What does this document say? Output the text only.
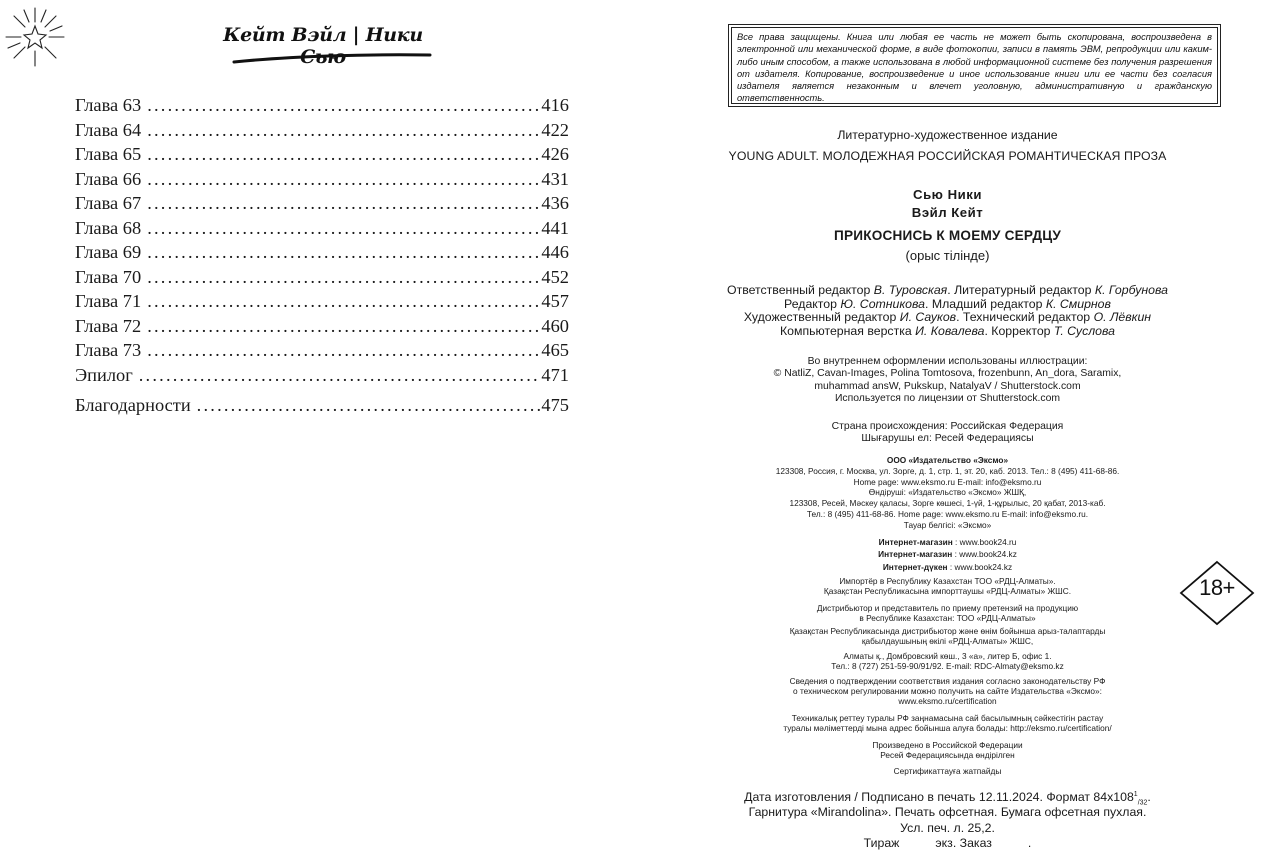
Кейт Вэйл | Ники Сью
Глава 63 .....	416
Глава 64 .....	422
Глава 65 .....	426
Глава 66 .....	431
Глава 67 .....	436
Глава 68 .....	441
Глава 69 .....	446
Глава 70 .....	452
Глава 71 .....	457
Глава 72 .....	460
Глава 73 .....	465
Эпилог .....	471
Благодарности .....	475
Все права защищены. Книга или любая ее часть не может быть скопирована, воспроизведена в электронной или механической форме, в виде фотокопии, записи в память ЭВМ, репродукции или каким-либо иным способом, а также использована в любой информационной системе без получения разрешения от издателя. Копирование, воспроизведение и иное использование книги или ее части без согласия издателя является незаконным и влечет уголовную, административную и гражданскую ответственность.
Литературно-художественное издание
YOUNG ADULT. МОЛОДЕЖНАЯ РОССИЙСКАЯ РОМАНТИЧЕСКАЯ ПРОЗА
Сью Ники
Вэйл Кейт
ПРИКОСНИСЬ К МОЕМУ СЕРДЦУ
(орыс тілінде)
Ответственный редактор В. Туровская. Литературный редактор К. Горбунова
Редактор Ю. Сотникова. Младший редактор К. Смирнов
Художественный редактор И. Сауков. Технический редактор О. Лёвкин
Компьютерная верстка И. Ковалева. Корректор Т. Суслова
Во внутреннем оформлении использованы иллюстрации:
© NatliZ, Cavan-Images, Polina Tomtosova, frozenbunn, An_dora, Saramix,
muhammad ansW, Pukskup, NatalyaV / Shutterstock.com
Используется по лицензии от Shutterstock.com
Страна происхождения: Российская Федерация
Шығарушы ел: Ресей Федерациясы
ООО «Издательство «Эксмо»
123308, Россия, г. Москва, ул. Зорге, д. 1, стр. 1, эт. 20, каб. 2013. Тел.: 8 (495) 411-68-86.
Home page: www.eksmo.ru E-mail: info@eksmo.ru
Өндіруші: «Издательство «Эксмо» ЖШҚ,
123308, Ресей, Мәскеу қаласы, Зорге көшесі, 1-үй, 1-құрылыс, 20 қабат, 2013-каб.
Тел.: 8 (495) 411-68-86. Home page: www.eksmo.ru E-mail: info@eksmo.ru.
Тауар белгісі: «Эксмо»
Интернет-магазин : www.book24.ru
Интернет-магазин : www.book24.kz
Интернет-дүкен : www.book24.kz
Импортёр в Республику Казахстан ТОО «РДЦ-Алматы».
Қазақстан Республикасына импорттаушы «РДЦ-Алматы» ЖШС.
Дистрибьютор и представитель по приему претензий на продукцию
в Республике Казахстан: ТОО «РДЦ-Алматы»
Қазақстан Республикасында дистрибьютор және өнім бойынша арыз-талаптарды
қабылдаушының өкілі «РДЦ-Алматы» ЖШС,
Алматы қ., Домбровский көш., 3 «а», литер Б, офис 1.
Тел.: 8 (727) 251-59-90/91/92. E-mail: RDC-Almaty@eksmo.kz
Сведения о подтверждении соответствия издания согласно законодательству РФ
о техническом регулировании можно получить на сайте Издательства «Эксмо»:
www.eksmo.ru/certification
Техникалық реттеу туралы РФ заңнамасына сай басылымның сәйкестігін растау
туралы мәліметтерді мына адрес бойынша алуға болады: http://eksmo.ru/certification/
Произведено в Российской Федерации
Ресей Федерациясында өндірілген
Сертификаттауға жатпайды
Дата изготовления / Подписано в печать 12.11.2024. Формат $84х108^1_{/32}$.
Гарнитура «Mirandolina». Печать офсетная. Бумага офсетная пухлая.
Усл. печ. л. 25,2.
Тираж	экз. Заказ	.
18+
